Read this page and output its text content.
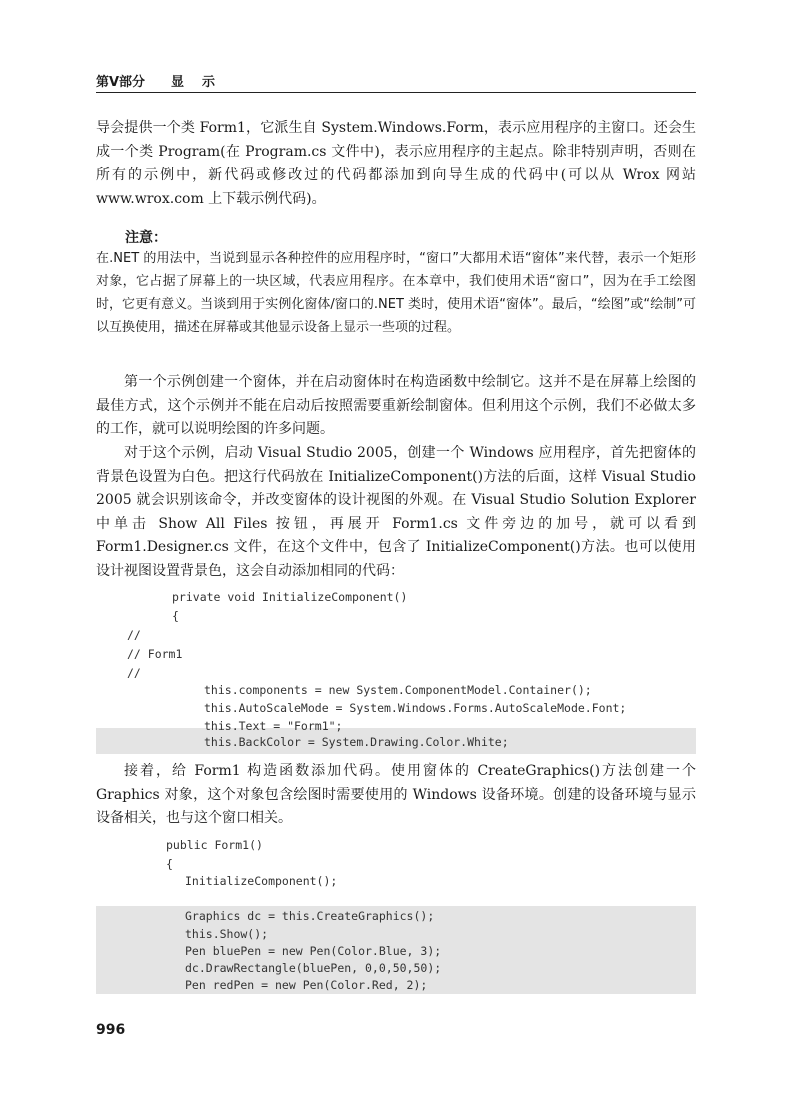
第Ⅴ部分 显 示

导会提供一个类 Form1，它派生自 System.Windows.Form，表示应用程序的主窗口。还会生成一个类 Program(在 Program.cs 文件中)，表示应用程序的主起点。除非特别声明，否则在所有的示例中，新代码或修改过的代码都添加到向导生成的代码中(可以从 Wrox 网站 www.wrox.com 上下载示例代码)。

注意：

在.NET 的用法中，当说到显示各种控件的应用程序时，“窗口”大都用术语“窗体”来代替，表示一个矩形对象，它占据了屏幕上的一块区域，代表应用程序。在本章中，我们使用术语“窗口”，因为在手工绘图时，它更有意义。当谈到用于实例化窗体/窗口的.NET 类时，使用术语“窗体”。最后，“绘图”或“绘制”可以互换使用，描述在屏幕或其他显示设备上显示一些项的过程。

第一个示例创建一个窗体，并在启动窗体时在构造函数中绘制它。这并不是在屏幕上绘图的最佳方式，这个示例并不能在启动后按照需要重新绘制窗体。但利用这个示例，我们不必做太多的工作，就可以说明绘图的许多问题。

对于这个示例，启动 Visual Studio 2005，创建一个 Windows 应用程序，首先把窗体的背景色设置为白色。把这行代码放在 InitializeComponent()方法的后面，这样 Visual Studio 2005 就会识别该命令，并改变窗体的设计视图的外观。在 Visual Studio Solution Explorer 中单击 Show All Files 按钮，再展开 Form1.cs 文件旁边的加号，就可以看到 Form1.Designer.cs 文件，在这个文件中，包含了 InitializeComponent()方法。也可以使用设计视图设置背景色，这会自动添加相同的代码：

private void InitializeComponent()
{
//
// Form1
//
this.components = new System.ComponentModel.Container();
this.AutoScaleMode = System.Windows.Forms.AutoScaleMode.Font;
this.Text = "Form1";
this.BackColor = System.Drawing.Color.White;

接着，给 Form1 构造函数添加代码。使用窗体的 CreateGraphics()方法创建一个 Graphics 对象，这个对象包含绘图时需要使用的 Windows 设备环境。创建的设备环境与显示设备相关，也与这个窗口相关。

public Form1()
{
InitializeComponent();
Graphics dc = this.CreateGraphics();
this.Show();
Pen bluePen = new Pen(Color.Blue, 3);
dc.DrawRectangle(bluePen, 0,0,50,50);
Pen redPen = new Pen(Color.Red, 2);
996
